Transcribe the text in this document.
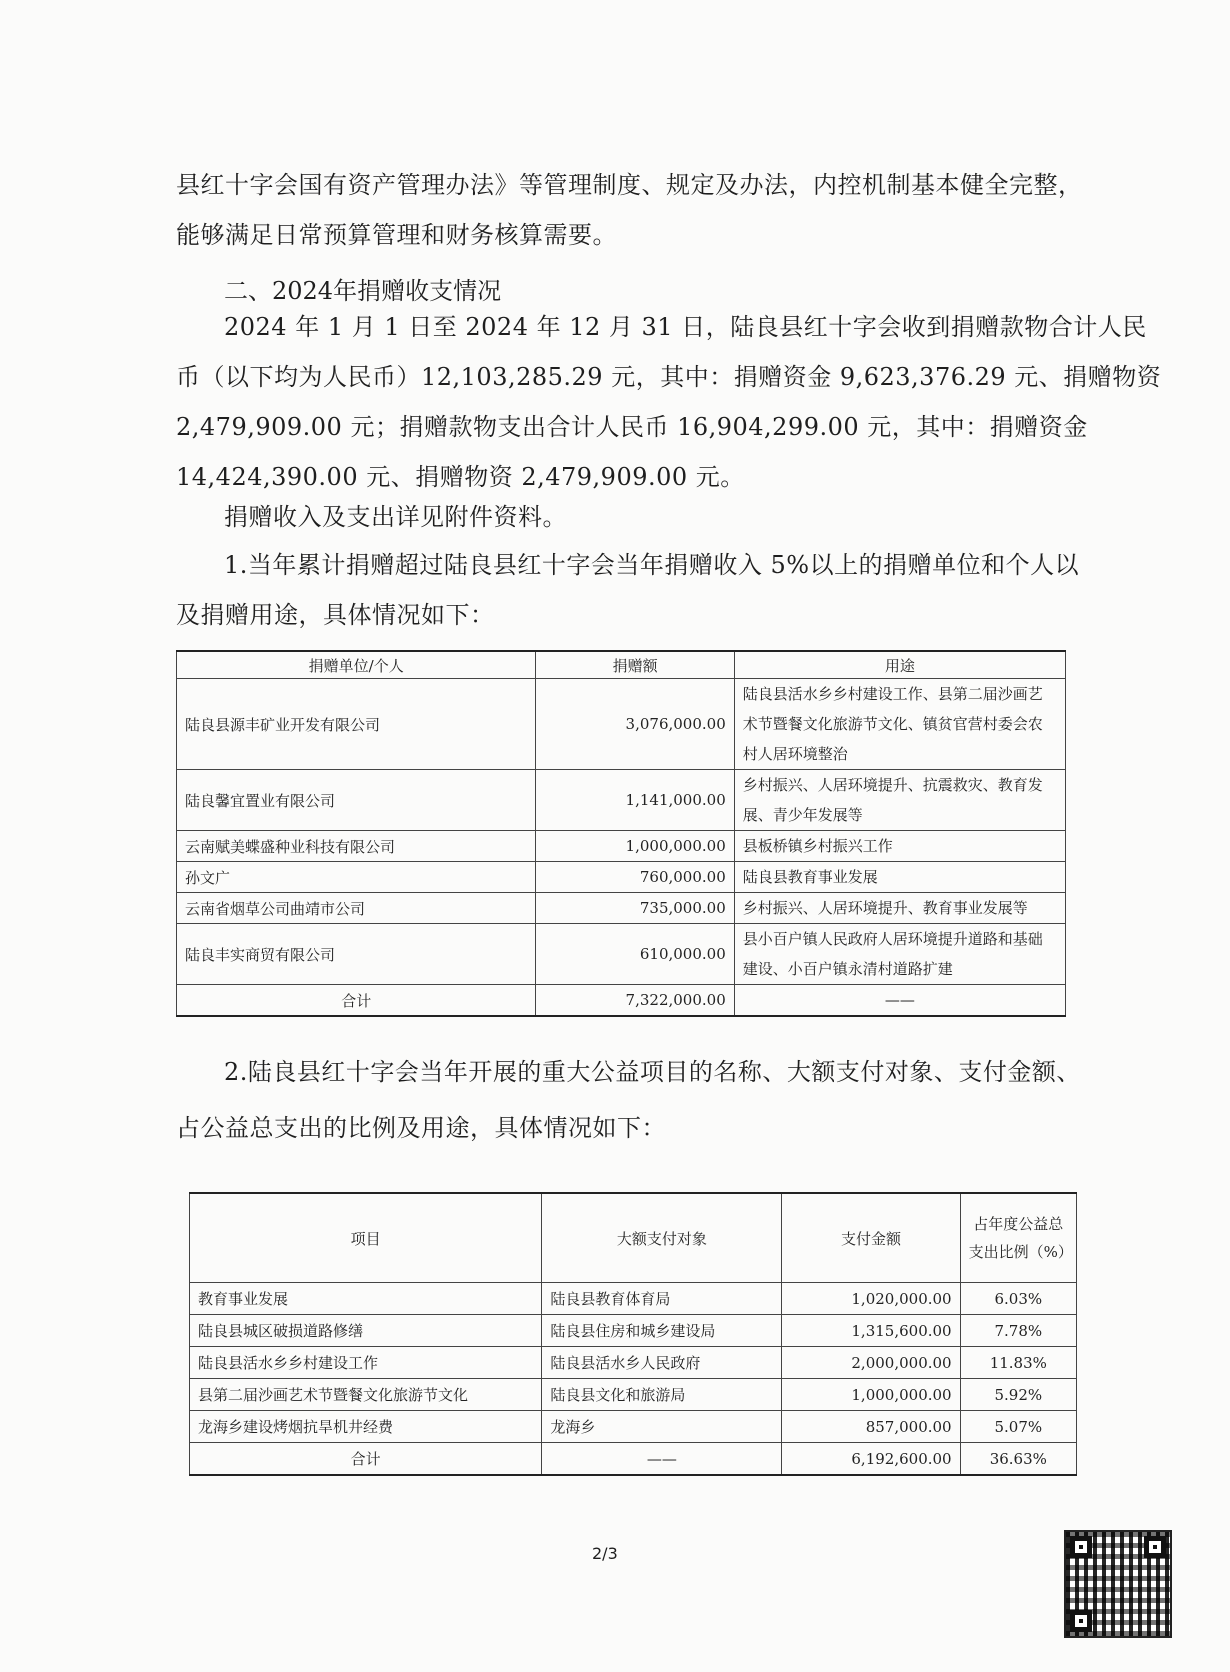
县红十字会国有资产管理办法》等管理制度、规定及办法，内控机制基本健全完整，
能够满足日常预算管理和财务核算需要。

二、2024年捐赠收支情况

2024 年 1 月 1 日至 2024 年 12 月 31 日，陆良县红十字会收到捐赠款物合计人民
币（以下均为人民币）12,103,285.29 元，其中：捐赠资金 9,623,376.29 元、捐赠物资
2,479,909.00 元；捐赠款物支出合计人民币 16,904,299.00 元，其中：捐赠资金
14,424,390.00 元、捐赠物资 2,479,909.00 元。

捐赠收入及支出详见附件资料。

1.当年累计捐赠超过陆良县红十字会当年捐赠收入 5%以上的捐赠单位和个人以
及捐赠用途，具体情况如下：

捐赠单位/个人	捐赠额	用途
陆良县源丰矿业开发有限公司	3,076,000.00	陆良县活水乡乡村建设工作、县第二届沙画艺术节暨餐文化旅游节文化、镇贫官营村委会农村人居环境整治
陆良馨宜置业有限公司	1,141,000.00	乡村振兴、人居环境提升、抗震救灾、教育发展、青少年发展等
云南赋美蝶盛种业科技有限公司	1,000,000.00	县板桥镇乡村振兴工作
孙文广	760,000.00	陆良县教育事业发展
云南省烟草公司曲靖市公司	735,000.00	乡村振兴、人居环境提升、教育事业发展等
陆良丰实商贸有限公司	610,000.00	县小百户镇人民政府人居环境提升道路和基础建设、小百户镇永清村道路扩建
合计	7,322,000.00	——

2.陆良县红十字会当年开展的重大公益项目的名称、大额支付对象、支付金额、
占公益总支出的比例及用途，具体情况如下：

项目	大额支付对象	支付金额	占年度公益总支出比例（%）
教育事业发展	陆良县教育体育局	1,020,000.00	6.03%
陆良县城区破损道路修缮	陆良县住房和城乡建设局	1,315,600.00	7.78%
陆良县活水乡乡村建设工作	陆良县活水乡人民政府	2,000,000.00	11.83%
县第二届沙画艺术节暨餐文化旅游节文化	陆良县文化和旅游局	1,000,000.00	5.92%
龙海乡建设烤烟抗旱机井经费	龙海乡	857,000.00	5.07%
合计	——	6,192,600.00	36.63%
2/3
